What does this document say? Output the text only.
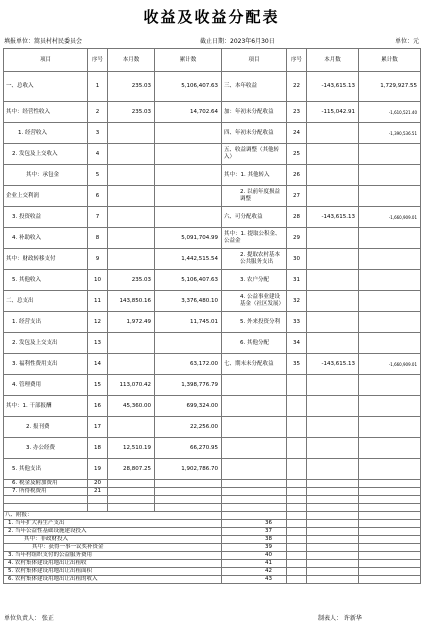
收益及收益分配表
填报单位：篙员村村民委员会	截止日期：2023年6月30日	单位：元
项目	序号	本月数	累计数	项目	序号	本月数	累计数
一、总收入	1	235.03	5,106,407.63	三、本年收益	22	-143,615.13	1,729,927.55
其中：经营性收入	2	235.03	14,702.64	加：年初未分配收益	23	-115,042.91	-1,610,521.40
1. 经营收入	3			四、年初未分配收益	24		-1,390,536.51
2. 发包及上交收入	4			五、收益调整（其他转入）	25		
其中：承包金	5			其中：1. 其他转入	26		
企业上交利润	6			2. 以前年度损益调整	27		
3. 投资收益	7			六、可分配收益	28	-143,615.13	-1,660,909.01
4. 补助收入	8		5,091,704.99	其中：1. 提取公积金、公益金	29		
其中：财政转移支付	9		1,442,515.54	2. 提取农村基本公共服务支出	30		
5. 其他收入	10	235.03	5,106,407.63	3. 农户分配	31		
二、总支出	11	143,850.16	3,376,480.10	4. 公益事业建设基金（社区发展）	32		
1. 经营支出	12	1,972.49	11,745.01	5. 外来投资分利	33		
2. 发包及上交支出	13			6. 其他分配	34		
3. 福利性费用支出	14		63,172.00	七、期末未分配收益	35	-143,615.13	-1,660,909.01
4. 管理费用	15	113,070.42	1,398,776.79				
其中：1. 干部报酬	16	45,360.00	699,324.00				
2. 报刊费	17		22,256.00				
3. 办公经费	18	12,510.19	66,270.95				
5. 其他支出	19	28,807.25	1,902,786.70				
6. 税金及附加费用	20						
7. 所得税费用	21						

八、附报：							
1. 当年扩大再生产支出				36			
2. 当年公益性基础设施建设投入				37			
其中：非政财投入				38			
其中：获得一事一议奖补资金				39			
3. 当年村组织支付的公益服务费用				40			
4. 农村集体建设用地出让出租收				41			
5. 农村集体建设用地出让出租面积				42			
6. 农村集体建设用地出让出租的收入				43			
单位负责人： 张正	制表人： 许新华
